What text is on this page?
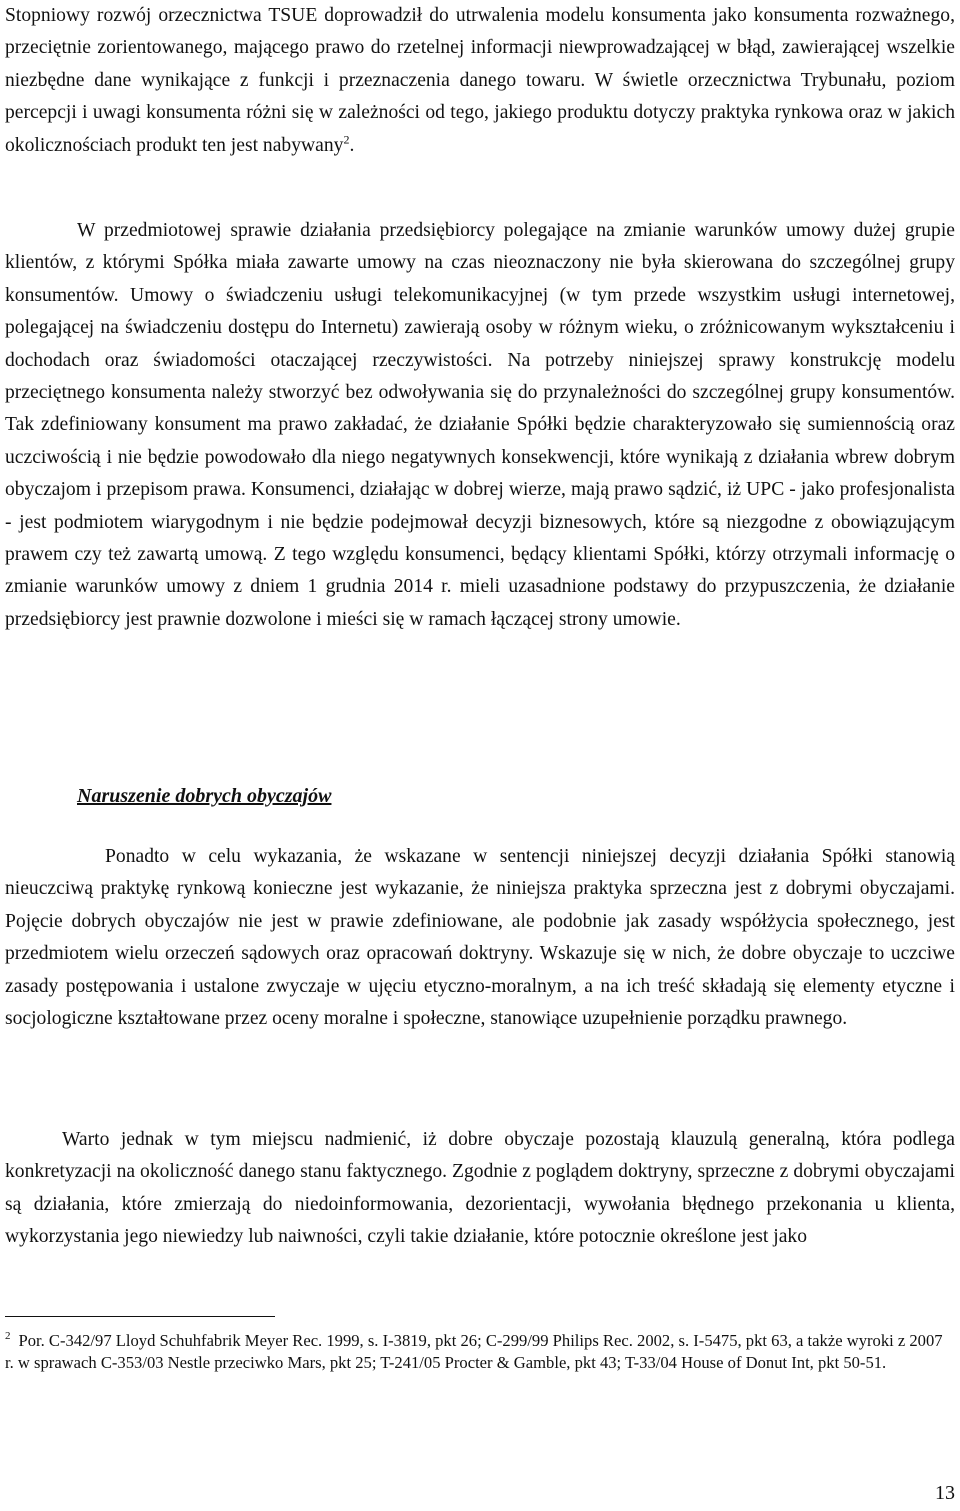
Stopniowy rozwój orzecznictwa TSUE doprowadził do utrwalenia modelu konsumenta jako konsumenta rozważnego, przeciętnie zorientowanego, mającego prawo do rzetelnej informacji niewprowadzającej w błąd, zawierającej wszelkie niezbędne dane wynikające z funkcji i przeznaczenia danego towaru. W świetle orzecznictwa Trybunału, poziom percepcji i uwagi konsumenta różni się w zależności od tego, jakiego produktu dotyczy praktyka rynkowa oraz w jakich okolicznościach produkt ten jest nabywany$^2$.

W przedmiotowej sprawie działania przedsiębiorcy polegające na zmianie warunków umowy dużej grupie klientów, z którymi Spółka miała zawarte umowy na czas nieoznaczony nie była skierowana do szczególnej grupy konsumentów. Umowy o świadczeniu usługi telekomunikacyjnej (w tym przede wszystkim usługi internetowej, polegającej na świadczeniu dostępu do Internetu) zawierają osoby w różnym wieku, o zróżnicowanym wykształceniu i dochodach oraz świadomości otaczającej rzeczywistości. Na potrzeby niniejszej sprawy konstrukcję modelu przeciętnego konsumenta należy stworzyć bez odwoływania się do przynależności do szczególnej grupy konsumentów. Tak zdefiniowany konsument ma prawo zakładać, że działanie Spółki będzie charakteryzowało się sumiennością oraz uczciwością i nie będzie powodowało dla niego negatywnych konsekwencji, które wynikają z działania wbrew dobrym obyczajom i przepisom prawa. Konsumenci, działając w dobrej wierze, mają prawo sądzić, iż UPC - jako profesjonalista - jest podmiotem wiarygodnym i nie będzie podejmował decyzji biznesowych, które są niezgodne z obowiązującym prawem czy też zawartą umową. Z tego względu konsumenci, będący klientami Spółki, którzy otrzymali informację o zmianie warunków umowy z dniem 1 grudnia 2014 r. mieli uzasadnione podstawy do przypuszczenia, że działanie przedsiębiorcy jest prawnie dozwolone i mieści się w ramach łączącej strony umowie.

Naruszenie dobrych obyczajów

Ponadto w celu wykazania, że wskazane w sentencji niniejszej decyzji działania Spółki stanowią nieuczciwą praktykę rynkową konieczne jest wykazanie, że niniejsza praktyka sprzeczna jest z dobrymi obyczajami. Pojęcie dobrych obyczajów nie jest w prawie zdefiniowane, ale podobnie jak zasady współżycia społecznego, jest przedmiotem wielu orzeczeń sądowych oraz opracowań doktryny. Wskazuje się w nich, że dobre obyczaje to uczciwe zasady postępowania i ustalone zwyczaje w ujęciu etyczno-moralnym, a na ich treść składają się elementy etyczne i socjologiczne kształtowane przez oceny moralne i społeczne, stanowiące uzupełnienie porządku prawnego.

Warto jednak w tym miejscu nadmienić, iż dobre obyczaje pozostają klauzulą generalną, która podlega konkretyzacji na okoliczność danego stanu faktycznego. Zgodnie z poglądem doktryny, sprzeczne z dobrymi obyczajami są działania, które zmierzają do niedoinformowania, dezorientacji, wywołania błędnego przekonania u klienta, wykorzystania jego niewiedzy lub naiwności, czyli takie działanie, które potocznie określone jest jako

$^2$ Por. C-342/97 Lloyd Schuhfabrik Meyer Rec. 1999, s. I-3819, pkt 26; C-299/99 Philips Rec. 2002, s. I-5475, pkt 63, a także wyroki z 2007 r. w sprawach C-353/03 Nestle przeciwko Mars, pkt 25; T-241/05 Procter & Gamble, pkt 43; T-33/04 House of Donut Int, pkt 50-51.

13
